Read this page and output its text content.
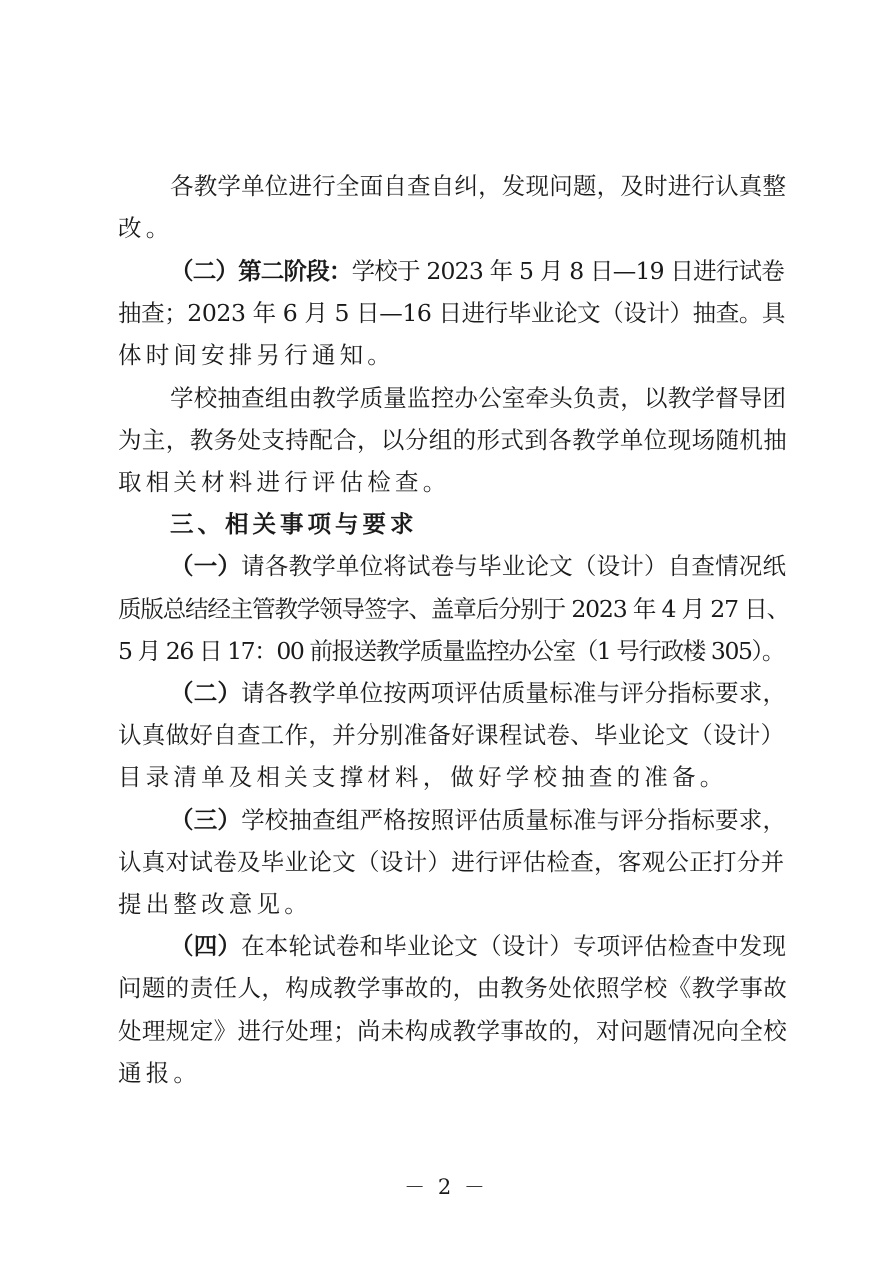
各教学单位进行全面自查自纠，发现问题，及时进行认真整
改。
（二）第二阶段：学校于 2023 年 5 月 8 日—19 日进行试卷
抽查；2023 年 6 月 5 日—16 日进行毕业论文（设计）抽查。具
体时间安排另行通知。
学校抽查组由教学质量监控办公室牵头负责，以教学督导团
为主，教务处支持配合，以分组的形式到各教学单位现场随机抽
取相关材料进行评估检查。
三、相关事项与要求
（一）请各教学单位将试卷与毕业论文（设计）自查情况纸
质版总结经主管教学领导签字、盖章后分别于 2023 年 4 月 27 日、
5 月 26 日 17：00 前报送教学质量监控办公室（1 号行政楼 305）。
（二）请各教学单位按两项评估质量标准与评分指标要求，
认真做好自查工作，并分别准备好课程试卷、毕业论文（设计）
目录清单及相关支撑材料，做好学校抽查的准备。
（三）学校抽查组严格按照评估质量标准与评分指标要求，
认真对试卷及毕业论文（设计）进行评估检查，客观公正打分并
提出整改意见。
（四）在本轮试卷和毕业论文（设计）专项评估检查中发现
问题的责任人，构成教学事故的，由教务处依照学校《教学事故
处理规定》进行处理；尚未构成教学事故的，对问题情况向全校
通报。
－ 2 －
